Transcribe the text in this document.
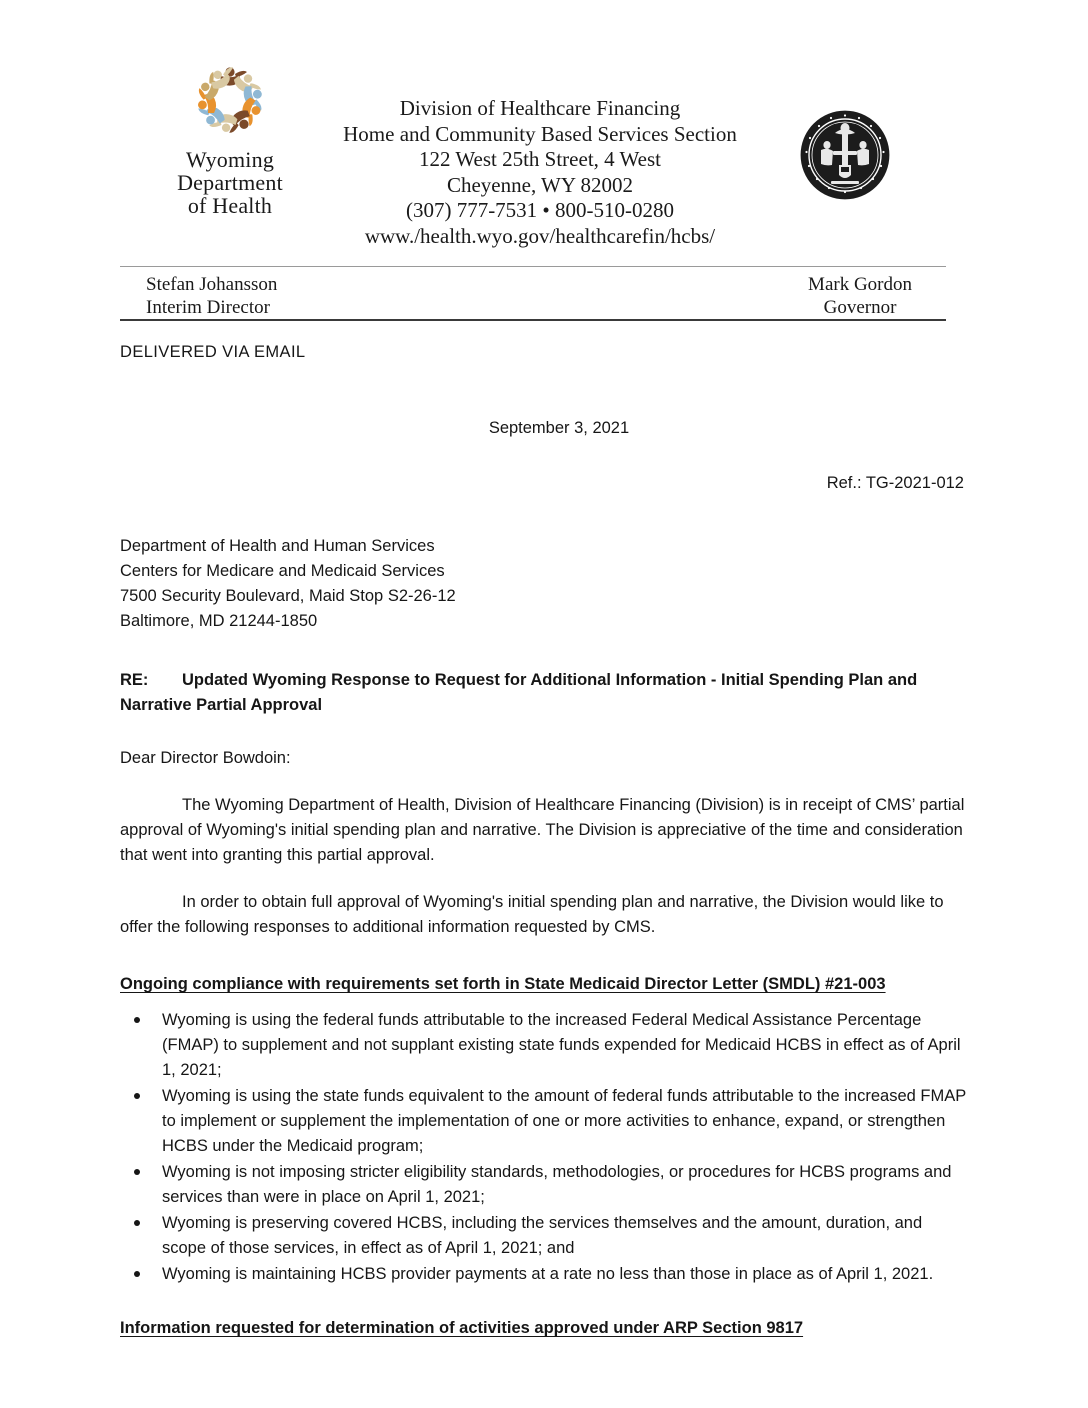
Wyoming
Department
of Health
Division of Healthcare Financing
Home and Community Based Services Section
122 West 25th Street, 4 West
Cheyenne, WY 82002
(307) 777-7531 • 800-510-0280
www./health.wyo.gov/healthcarefin/hcbs/
Stefan Johansson
Interim Director
Mark Gordon
Governor
DELIVERED VIA EMAIL
September 3, 2021
Ref.: TG-2021-012
Department of Health and Human Services
Centers for Medicare and Medicaid Services
7500 Security Boulevard, Maid Stop S2-26-12
Baltimore, MD 21244-1850
RE: Updated Wyoming Response to Request for Additional Information - Initial Spending Plan and Narrative Partial Approval
Dear Director Bowdoin:
The Wyoming Department of Health, Division of Healthcare Financing (Division) is in receipt of CMS’ partial approval of Wyoming's initial spending plan and narrative. The Division is appreciative of the time and consideration that went into granting this partial approval.
In order to obtain full approval of Wyoming's initial spending plan and narrative, the Division would like to offer the following responses to additional information requested by CMS.
Ongoing compliance with requirements set forth in State Medicaid Director Letter (SMDL) #21-003
Wyoming is using the federal funds attributable to the increased Federal Medical Assistance Percentage (FMAP) to supplement and not supplant existing state funds expended for Medicaid HCBS in effect as of April 1, 2021;
Wyoming is using the state funds equivalent to the amount of federal funds attributable to the increased FMAP to implement or supplement the implementation of one or more activities to enhance, expand, or strengthen HCBS under the Medicaid program;
Wyoming is not imposing stricter eligibility standards, methodologies, or procedures for HCBS programs and services than were in place on April 1, 2021;
Wyoming is preserving covered HCBS, including the services themselves and the amount, duration, and scope of those services, in effect as of April 1, 2021; and
Wyoming is maintaining HCBS provider payments at a rate no less than those in place as of April 1, 2021.
Information requested for determination of activities approved under ARP Section 9817
